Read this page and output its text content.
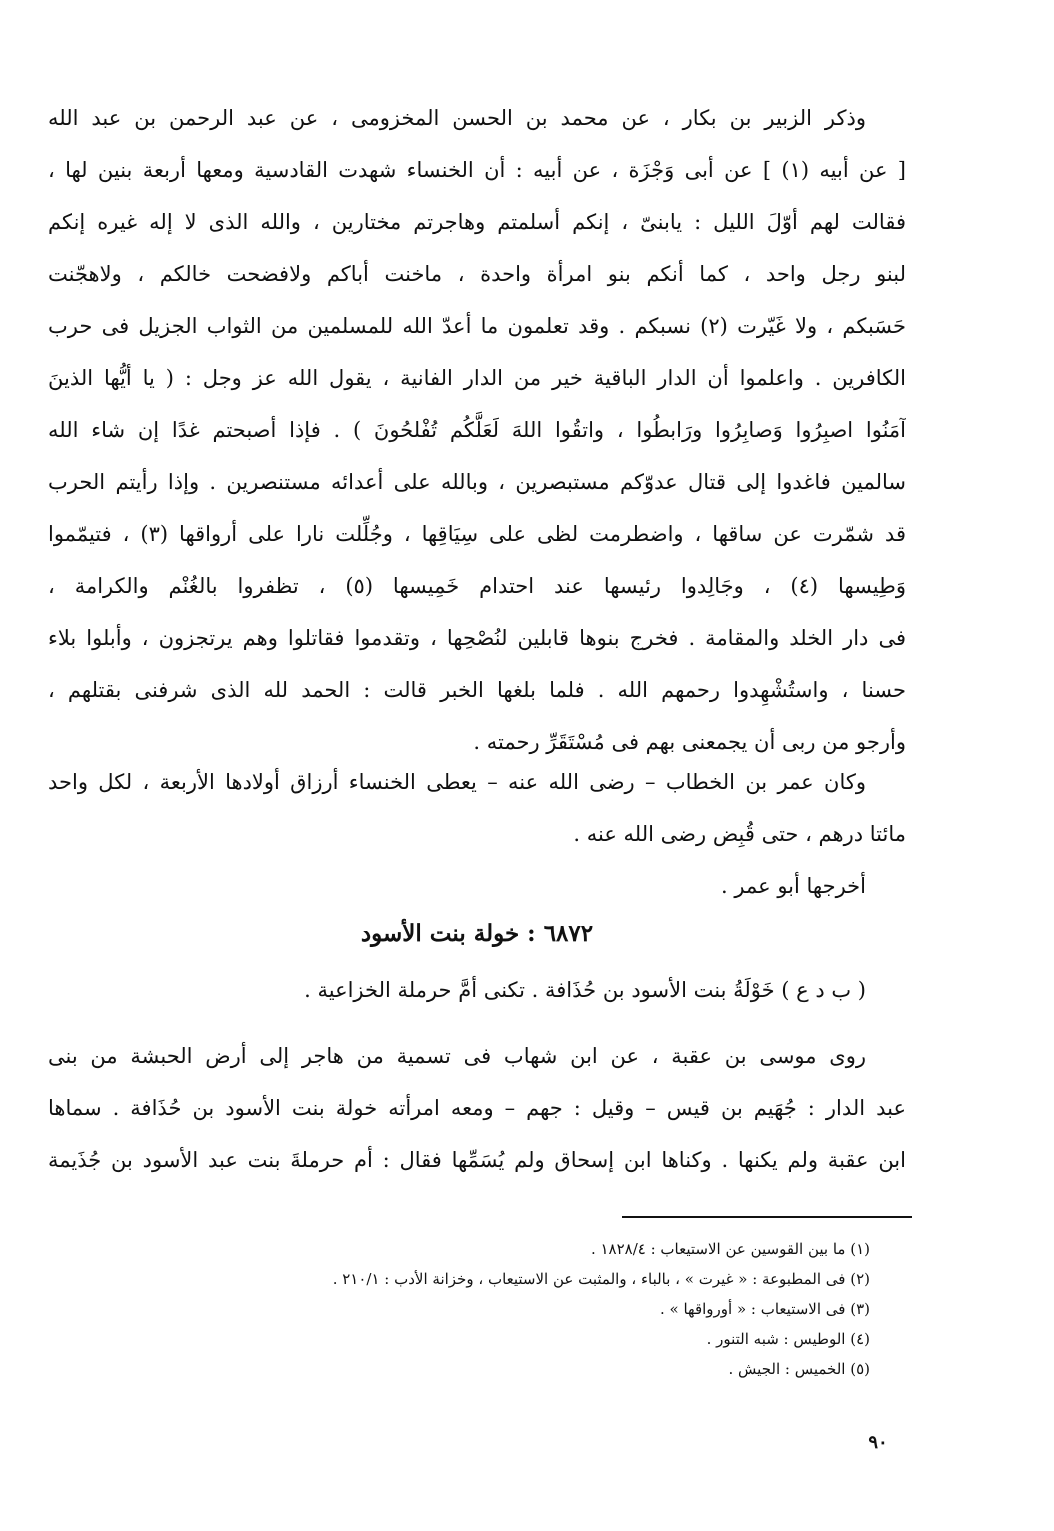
وذكر الزبير بن بكار ، عن محمد بن الحسن المخزومى ، عن عبد الرحمن بن عبد الله
[ عن أبيه (١) ] عن أبى وَجْزَة ، عن أبيه : أن الخنساء شهدت القادسية ومعها أربعة بنين لها ،
فقالت لهم أوّلَ الليل : يابنىّ ، إنكم أسلمتم وهاجرتم مختارين ، والله الذى لا إله غيره إنكم
لبنو رجل واحد ، كما أنكم بنو امرأة واحدة ، ماخنت أباكم ولافضحت خالكم ، ولاهجّنت
حَسَبكم ، ولا غَيّرت (٢) نسبكم . وقد تعلمون ما أعدّ الله للمسلمين من الثواب الجزيل فى حرب
الكافرين . واعلموا أن الدار الباقية خير من الدار الفانية ، يقول الله عز وجل : ( يا أيُّها الذينَ
آمَنُوا اصبِرُوا وَصابِرُوا ورَابطُوا ، واتقُوا اللهَ لَعَلَّكُم تُفْلحُونَ ) . فإذا أصبحتم غدًا إن شاء الله
سالمين فاغدوا إلى قتال عدوّكم مستبصرين ، وبالله على أعدائه مستنصرين . وإذا رأيتم الحرب
قد شمّرت عن ساقها ، واضطرمت لظى على سِيَاقِها ، وجُلِّلت نارا على أرواقها (٣) ، فتيمّموا
وَطِيسها (٤) ، وجَالِدوا رئيسها عند احتدام خَمِيسها (٥) ، تظفروا بالغُنْم والكرامة ،
فى دار الخلد والمقامة . فخرج بنوها قابلين لنُصْحِها ، وتقدموا فقاتلوا وهم يرتجزون ، وأبلوا بلاء
حسنا ، واستُشْهِدوا رحمهم الله . فلما بلغها الخبر قالت : الحمد لله الذى شرفنى بقتلهم ،
وأرجو من ربى أن يجمعنى بهم فى مُسْتَقَرِّ رحمته .
وكان عمر بن الخطاب – رضى الله عنه – يعطى الخنساء أرزاق أولادها الأربعة ، لكل واحد
مائتا درهم ، حتى قُبِض رضى الله عنه .
أخرجها أبو عمر .
٦٨٧٢ : خولة بنت الأسود
( ب د ع ) خَوْلَةُ بنت الأسود بن حُذَافة . تكنى أمَّ حرملة الخزاعية .
روى موسى بن عقبة ، عن ابن شهاب فى تسمية من هاجر إلى أرض الحبشة من بنى
عبد الدار : جُهَيم بن قيس – وقيل : جهم – ومعه امرأته خولة بنت الأسود بن حُذَافة . سماها
ابن عقبة ولم يكنها . وكناها ابن إسحاق ولم يُسَمِّها فقال : أم حرملةَ بنت عبد الأسود بن جُذَيمة
(١) ما بين القوسين عن الاستيعاب : ١٨٢٨/٤ .
(٢) فى المطبوعة : « غيرت » ، بالباء ، والمثبت عن الاستيعاب ، وخزانة الأدب : ٢١٠/١ .
(٣) فى الاستيعاب : « أورواقها » .
(٤) الوطيس : شبه التنور .
(٥) الخميس : الجيش .
٩٠
